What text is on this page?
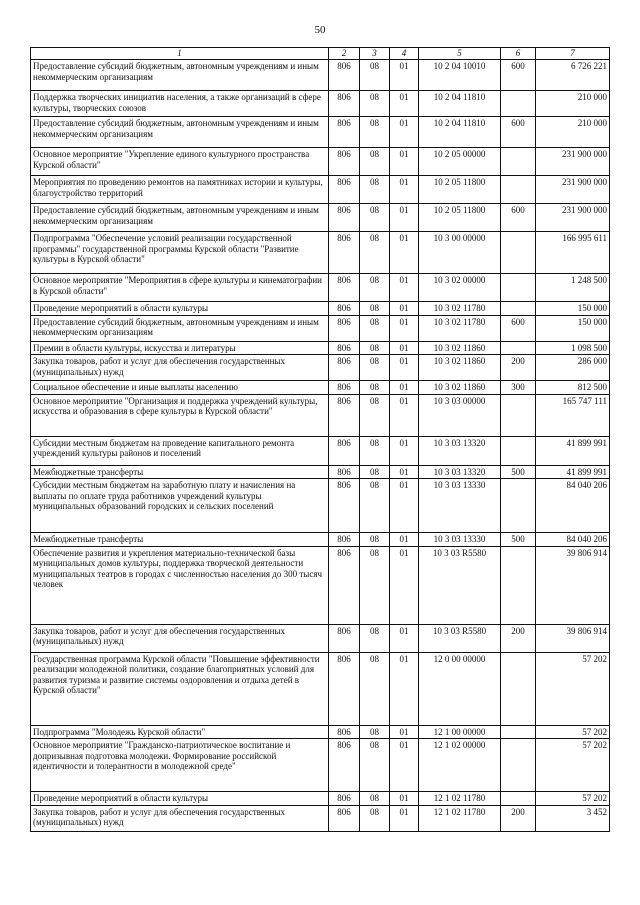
50
1	2	3	4	5	6	7
Предоставление субсидий бюджетным, автономным учреждениям и иным некоммерческим организациям	806	08	01	10 2 04 10010	600	6 726 221
Поддержка творческих инициатив населения, а также организаций в сфере культуры, творческих союзов	806	08	01	10 2 04 11810		210 000
Предоставление субсидий бюджетным, автономным учреждениям и иным некоммерческим организациям	806	08	01	10 2 04 11810	600	210 000
Основное мероприятие "Укрепление единого культурного пространства Курской области"	806	08	01	10 2 05 00000		231 900 000
Мероприятия по проведению ремонтов на памятниках истории и культуры, благоустройство территорий	806	08	01	10 2 05 11800		231 900 000
Предоставление субсидий бюджетным, автономным учреждениям и иным некоммерческим организациям	806	08	01	10 2 05 11800	600	231 900 000
Подпрограмма "Обеспечение условий реализации государственной программы" государственной программы Курской области "Развитие культуры в Курской области"	806	08	01	10 3 00 00000		166 995 611
Основное мероприятие "Мероприятия в сфере культуры и кинематографии в Курской области"	806	08	01	10 3 02 00000		1 248 500
Проведение мероприятий в области культуры	806	08	01	10 3 02 11780		150 000
Предоставление субсидий бюджетным, автономным учреждениям и иным некоммерческим организациям	806	08	01	10 3 02 11780	600	150 000
Премии в области культуры, искусства и литературы	806	08	01	10 3 02 11860		1 098 500
Закупка товаров, работ и услуг для обеспечения государственных (муниципальных) нужд	806	08	01	10 3 02 11860	200	286 000
Социальное обеспечение и иные выплаты населению	806	08	01	10 3 02 11860	300	812 500
Основное мероприятие "Организация и поддержка учреждений культуры, искусства и образования в сфере культуры в Курской области"	806	08	01	10 3 03 00000		165 747 111
Субсидии местным бюджетам на проведение капитального ремонта учреждений культуры районов и поселений	806	08	01	10 3 03 13320		41 899 991
Межбюджетные трансферты	806	08	01	10 3 03 13320	500	41 899 991
Субсидии местным бюджетам на заработную плату и начисления на выплаты по оплате труда работников учреждений культуры муниципальных образований городских и сельских поселений	806	08	01	10 3 03 13330		84 040 206
Межбюджетные трансферты	806	08	01	10 3 03 13330	500	84 040 206
Обеспечение развития и укрепления материально-технической базы муниципальных домов культуры, поддержка творческой деятельности муниципальных театров в городах с численностью населения до 300 тысяч человек	806	08	01	10 3 03 R5580		39 806 914
Закупка товаров, работ и услуг для обеспечения государственных (муниципальных) нужд	806	08	01	10 3 03 R5580	200	39 806 914
Государственная программа Курской области "Повышение эффективности реализации молодежной политики, создание благоприятных условий для развития туризма и развитие системы оздоровления и отдыха детей в Курской области"	806	08	01	12 0 00 00000		57 202
Подпрограмма "Молодежь Курской области"	806	08	01	12 1 00 00000		57 202
Основное мероприятие "Гражданско-патриотическое воспитание и допризывная подготовка молодежи. Формирование российской идентичности и толерантности в молодежной среде"	806	08	01	12 1 02 00000		57 202
Проведение мероприятий в области культуры	806	08	01	12 1 02 11780		57 202
Закупка товаров, работ и услуг для обеспечения государственных (муниципальных) нужд	806	08	01	12 1 02 11780	200	3 452
